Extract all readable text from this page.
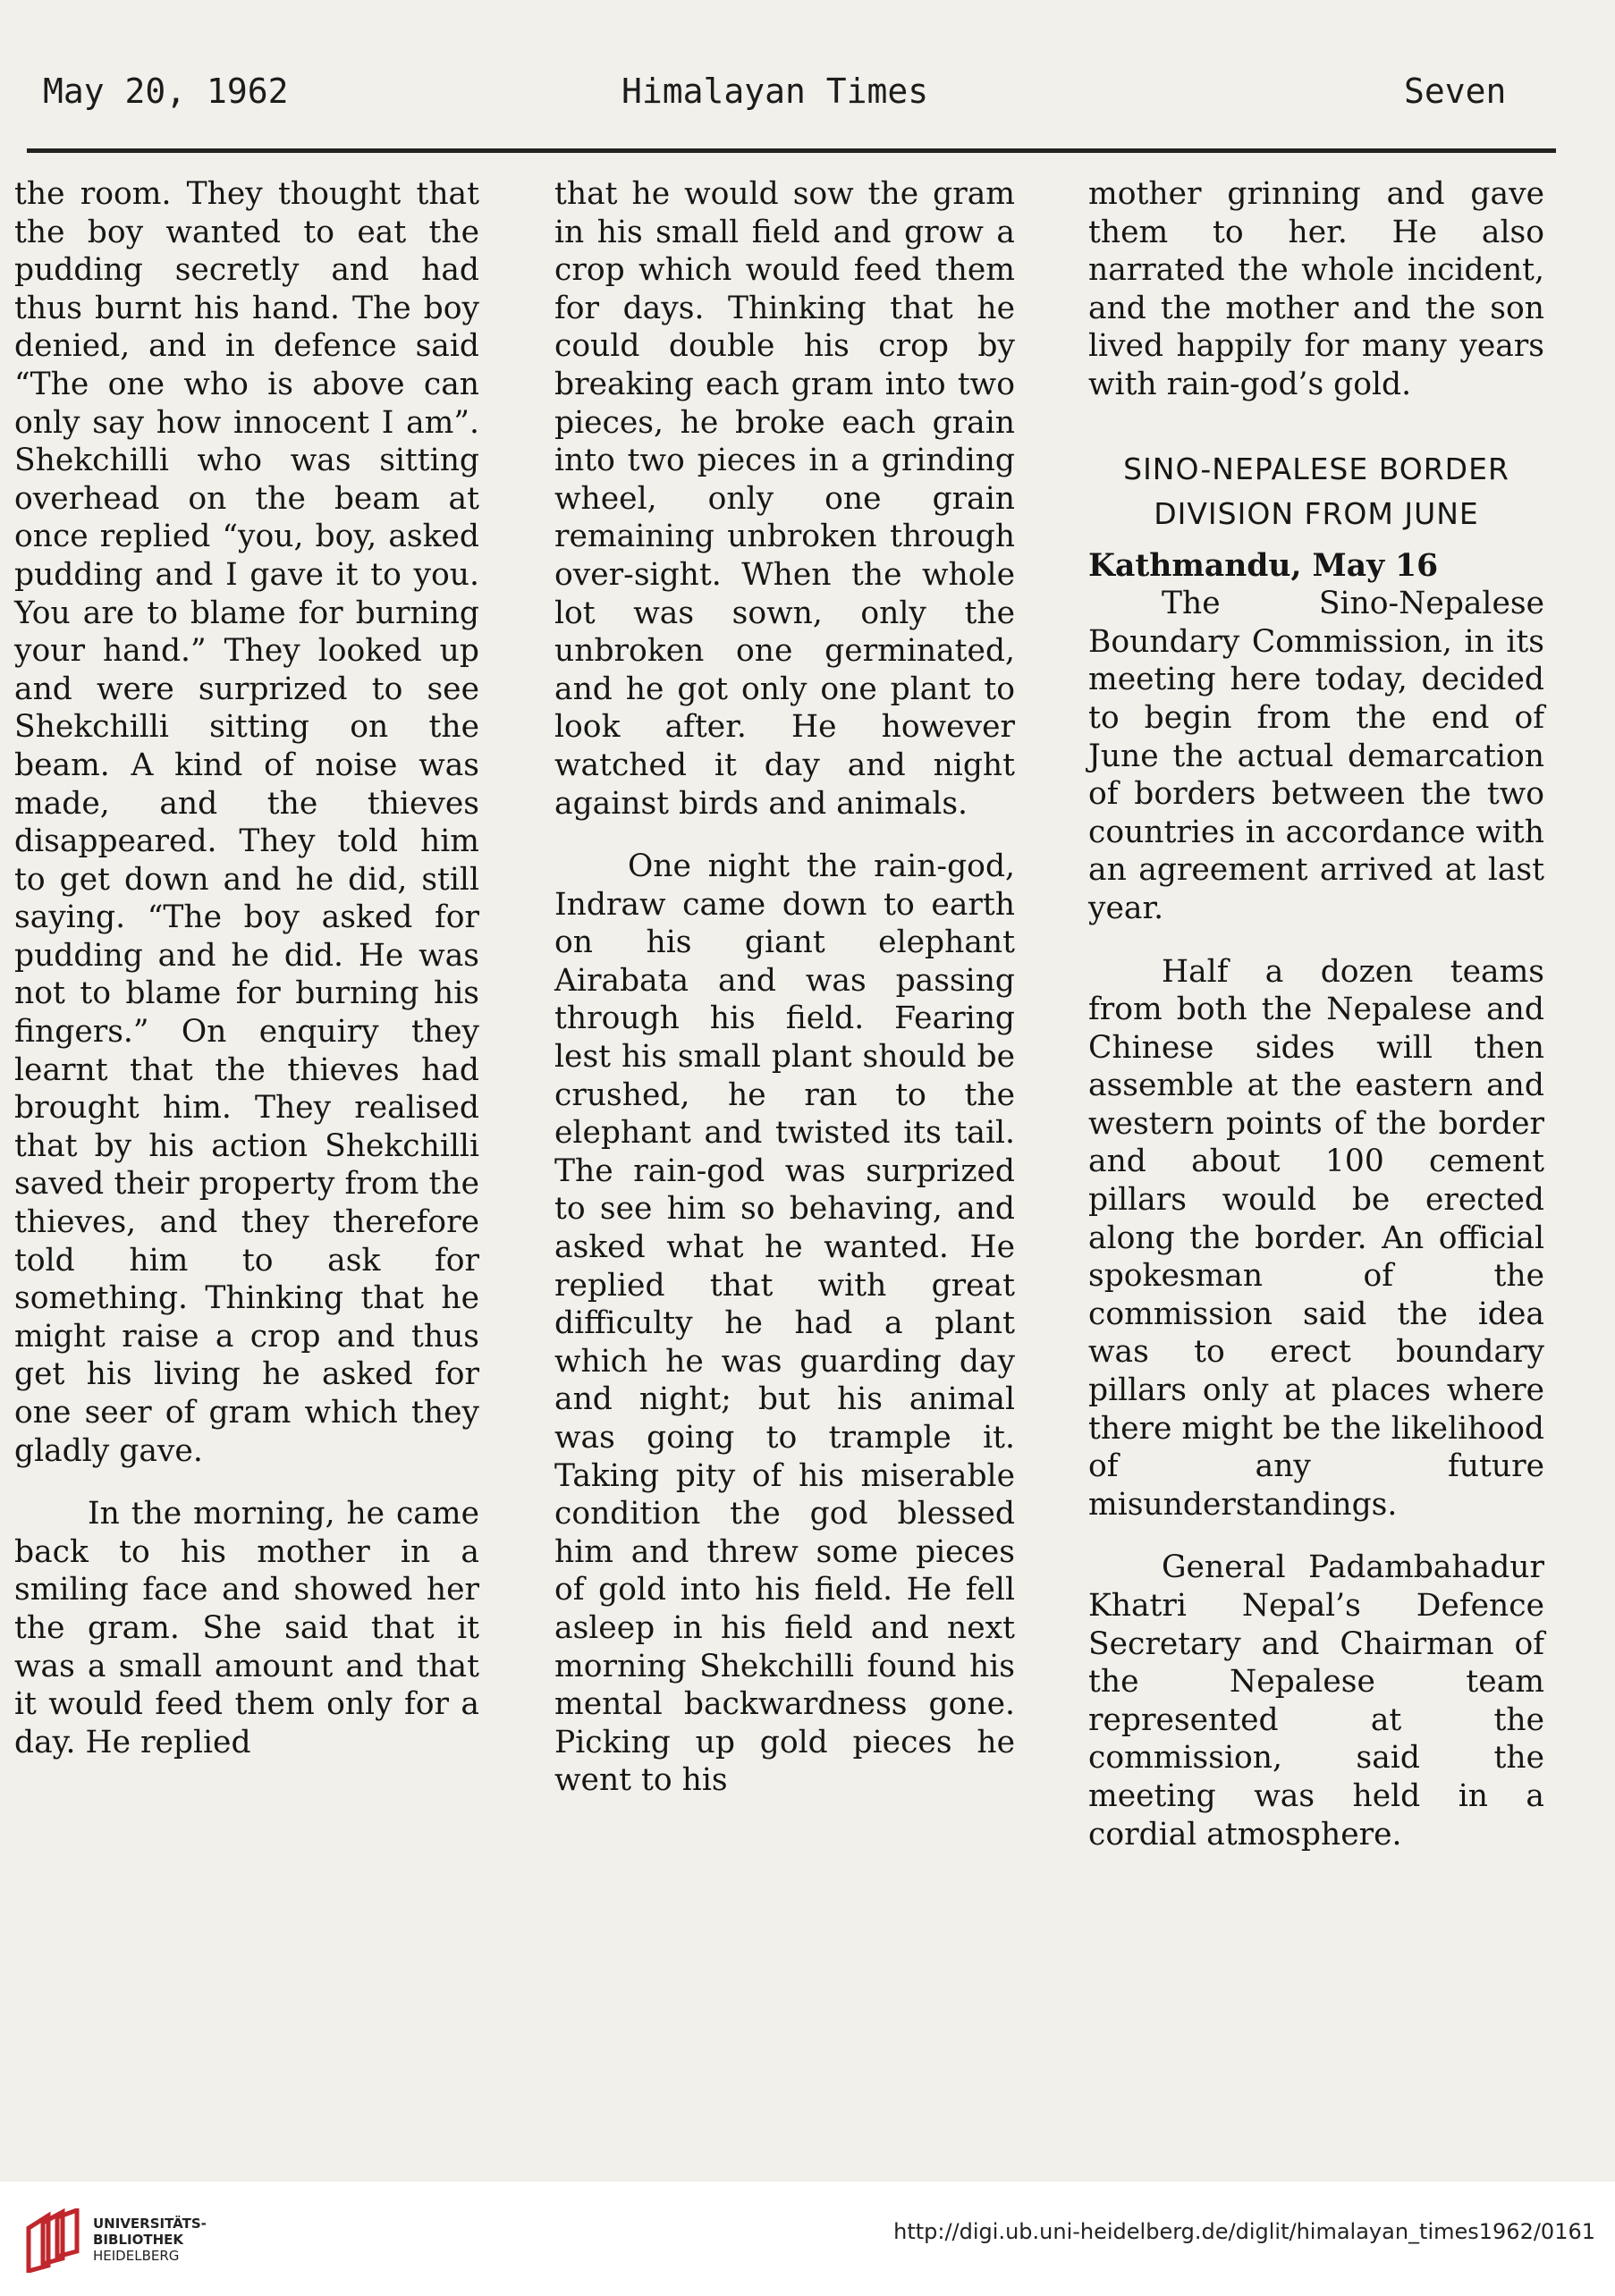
May 20, 1962	Himalayan Times	Seven

the room. They thought that the boy wanted to eat the pudding secretly and had thus burnt his hand. The boy denied, and in defence said “The one who is above can only say how innocent I am”. Shekchilli who was sitting overhead on the beam at once replied “you, boy, asked pudding and I gave it to you. You are to blame for burning your hand.” They looked up and were surprized to see Shekchilli sitting on the beam. A kind of noise was made, and the thieves disappeared. They told him to get down and he did, still saying. “The boy asked for pudding and he did. He was not to blame for burning his fingers.” On enquiry they learnt that the thieves had brought him. They realised that by his action Shekchilli saved their property from the thieves, and they therefore told him to ask for something. Thinking that he might raise a crop and thus get his living he asked for one seer of gram which they gladly gave.

In the morning, he came back to his mother in a smiling face and showed her the gram. She said that it was a small amount and that it would feed them only for a day. He replied

that he would sow the gram in his small field and grow a crop which would feed them for days. Thinking that he could double his crop by breaking each gram into two pieces, he broke each grain into two pieces in a grinding wheel, only one grain remaining unbroken through over-sight. When the whole lot was sown, only the unbroken one germinated, and he got only one plant to look after. He however watched it day and night against birds and animals.

One night the rain-god, Indraw came down to earth on his giant elephant Airabata and was passing through his field. Fearing lest his small plant should be crushed, he ran to the elephant and twisted its tail. The rain-god was surprized to see him so behaving, and asked what he wanted. He replied that with great difficulty he had a plant which he was guarding day and night; but his animal was going to trample it. Taking pity of his miserable condition the god blessed him and threw some pieces of gold into his field. He fell asleep in his field and next morning Shekchilli found his mental backwardness gone. Picking up gold pieces he went to his

mother grinning and gave them to her. He also narrated the whole incident, and the mother and the son lived happily for many years with rain-god’s gold.

SINO-NEPALESE BORDER
DIVISION FROM JUNE

Kathmandu, May 16

The Sino-Nepalese Boundary Commission, in its meeting here today, decided to begin from the end of June the actual demarcation of borders between the two countries in accordance with an agreement arrived at last year.

Half a dozen teams from both the Nepalese and Chinese sides will then assemble at the eastern and western points of the border and about 100 cement pillars would be erected along the border. An official spokesman of the commission said the idea was to erect boundary pillars only at places where there might be the likelihood of any future misunderstandings.

General Padambahadur Khatri Nepal’s Defence Secretary and Chairman of the Nepalese team represented at the commission, said the meeting was held in a cordial atmosphere.

UNIVERSITÄTS-
BIBLIOTHEK
HEIDELBERG
http://digi.ub.uni-heidelberg.de/diglit/himalayan_times1962/0161
